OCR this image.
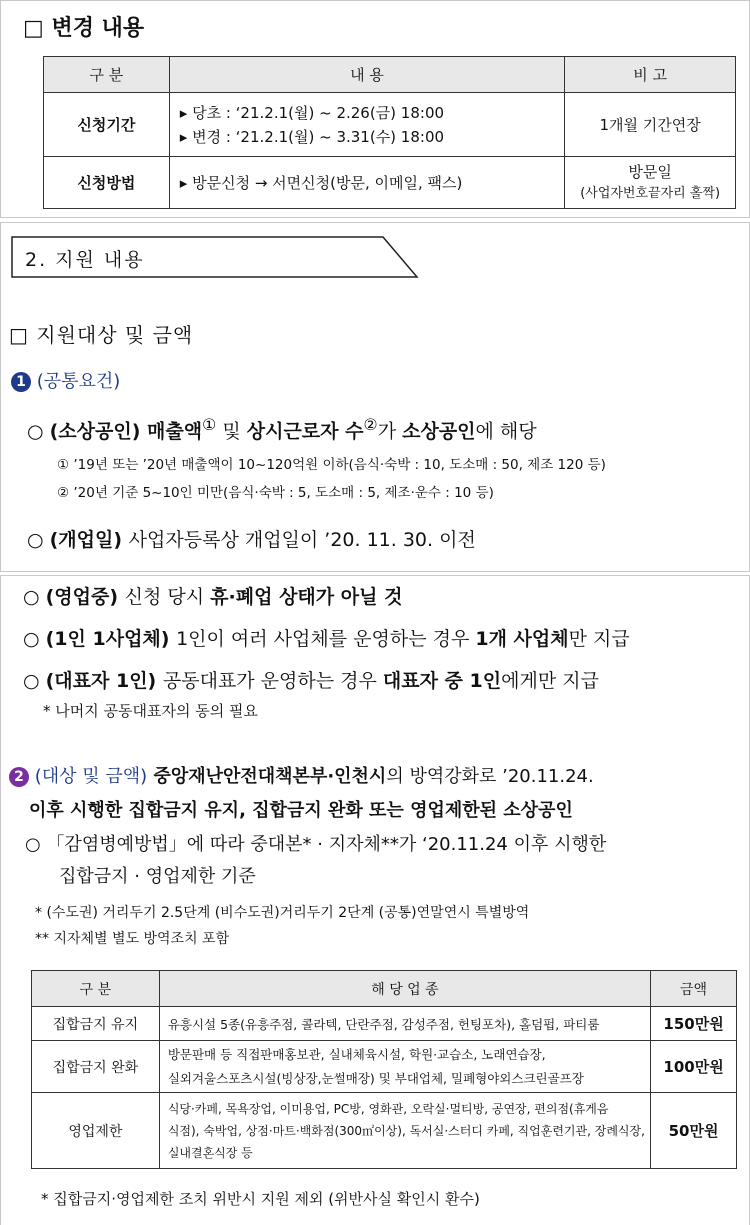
□ 변경 내용
구 분	내 용	비 고
신청기간	▸ 당초 : ‘21.2.1(월) ~ 2.26(금) 18:00
▸ 변경 : ‘21.2.1(월) ~ 3.31(수) 18:00	1개월 기간연장
신청방법	▸ 방문신청 → 서면신청(방문, 이메일, 팩스)	방문일
(사업자번호끝자리 홀짝)
2. 지원 내용
□ 지원대상 및 금액
1 (공통요건)
○ (소상공인) 매출액① 및 상시근로자 수②가 소상공인에 해당
① ’19년 또는 ’20년 매출액이 10~120억원 이하(음식·숙박 : 10, 도소매 : 50, 제조 120 등)
② ’20년 기준 5~10인 미만(음식·숙박 : 5, 도소매 : 5, 제조·운수 : 10 등)
○ (개업일) 사업자등록상 개업일이 ’20. 11. 30. 이전
○ (영업중) 신청 당시 휴·폐업 상태가 아닐 것
○ (1인 1사업체) 1인이 여러 사업체를 운영하는 경우 1개 사업체만 지급
○ (대표자 1인) 공동대표가 운영하는 경우 대표자 중 1인에게만 지급
* 나머지 공동대표자의 동의 필요
2 (대상 및 금액) 중앙재난안전대책본부·인천시의 방역강화로 ’20.11.24.
이후 시행한 집합금지 유지, 집합금지 완화 또는 영업제한된 소상공인
○ 「감염병예방법」에 따라 중대본* · 지자체**가 ‘20.11.24 이후 시행한
집합금지 · 영업제한 기준
* (수도권) 거리두기 2.5단계 (비수도권)거리두기 2단계 (공통)연말연시 특별방역
** 지자체별 별도 방역조치 포함
구 분	해 당 업 종	금액
집합금지 유지	유흥시설 5종(유흥주점, 콜라텍, 단란주점, 감성주점, 헌팅포차), 홀덤펍, 파티룸	150만원
집합금지 완화	방문판매 등 직접판매홍보관, 실내체육시설, 학원·교습소, 노래연습장,
실외겨울스포츠시설(빙상장,눈썰매장) 및 부대업체, 밀폐형야외스크린골프장	100만원
영업제한	식당·카페, 목욕장업, 이미용업, PC방, 영화관, 오락실·멀티방, 공연장, 편의점(휴게음
식점), 숙박업, 상점·마트·백화점(300㎡이상), 독서실·스터디 카페, 직업훈련기관, 장례식장,
실내결혼식장 등	50만원
* 집합금지·영업제한 조치 위반시 지원 제외 (위반사실 확인시 환수)
